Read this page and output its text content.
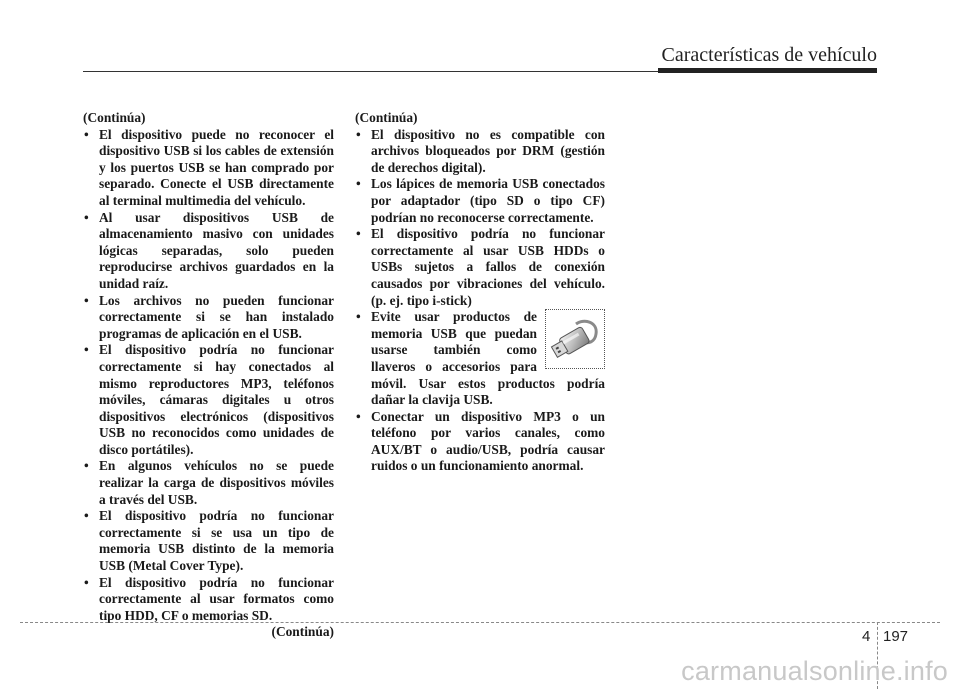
Características de vehículo

(Continúa)

• El dispositivo puede no reconocer el dispositivo USB si los cables de extensión y los puertos USB se han comprado por separado. Conecte el USB directamente al terminal multimedia del vehículo.
• Al usar dispositivos USB de almacenamiento masivo con unidades lógicas separadas, solo pueden reproducirse archivos guardados en la unidad raíz.
• Los archivos no pueden funcionar correctamente si se han instalado programas de aplicación en el USB.
• El dispositivo podría no funcionar correctamente si hay conectados al mismo reproductores MP3, teléfonos móviles, cámaras digitales u otros dispositivos electrónicos (dispositivos USB no reconocidos como unidades de disco portátiles).
• En algunos vehículos no se puede realizar la carga de dispositivos móviles a través del USB.
• El dispositivo podría no funcionar correctamente si se usa un tipo de memoria USB distinto de la memoria USB (Metal Cover Type).
• El dispositivo podría no funcionar correctamente al usar formatos como tipo HDD, CF o memorias SD.

(Continúa)

(Continúa)

• El dispositivo no es compatible con archivos bloqueados por DRM (gestión de derechos digital).
• Los lápices de memoria USB conectados por adaptador (tipo SD o tipo CF) podrían no reconocerse correctamente.
• El dispositivo podría no funcionar correctamente al usar USB HDDs o USBs sujetos a fallos de conexión causados por vibraciones del vehículo. (p. ej. tipo i-stick)
• Evite usar productos de memoria USB que puedan usarse también como llaveros o accesorios para móvil. Usar estos productos podría dañar la clavija USB.
• Conectar un dispositivo MP3 o un teléfono por varios canales, como AUX/BT o audio/USB, podría causar ruidos o un funcionamiento anormal.
4 197
carmanualsonline.info
